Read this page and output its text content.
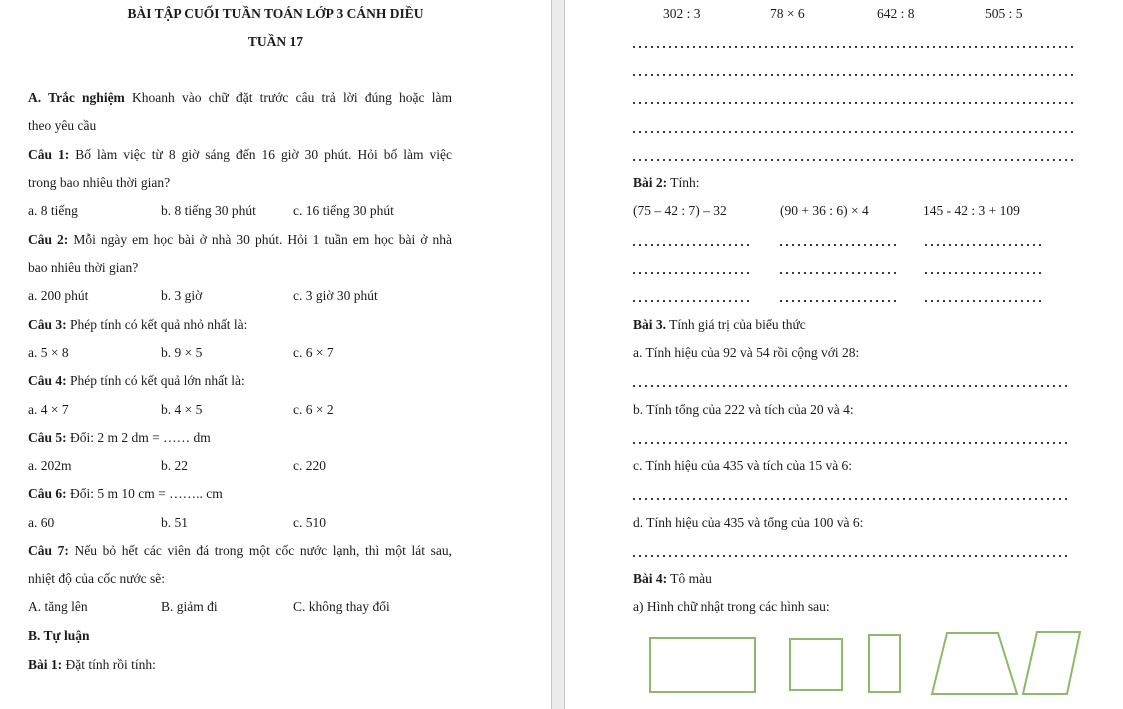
BÀI TẬP CUỐI TUẦN TOÁN LỚP 3 CÁNH DIỀU
TUẦN 17
A. Trắc nghiệm Khoanh vào chữ đặt trước câu trả lời đúng hoặc làm
theo yêu cầu
Câu 1: Bố làm việc từ 8 giờ sáng đến 16 giờ 30 phút. Hỏi bố làm việc
trong bao nhiêu thời gian?
a. 8 tiếng	b. 8 tiếng 30 phút	c. 16 tiếng 30 phút
Câu 2: Mỗi ngày em học bài ở nhà 30 phút. Hỏi 1 tuần em học bài ở nhà
bao nhiêu thời gian?
a. 200 phút	b. 3 giờ	c. 3 giờ 30 phút
Câu 3: Phép tính có kết quả nhỏ nhất là:
a. 5 × 8	b. 9 × 5	c. 6 × 7
Câu 4: Phép tính có kết quả lớn nhất là:
a. 4 × 7	b. 4 × 5	c. 6 × 2
Câu 5: Đổi: 2 m 2 dm = …… dm
a. 202m	b. 22	c. 220
Câu 6: Đổi: 5 m 10 cm = …….. cm
a. 60	b. 51	c. 510
Câu 7: Nếu bỏ hết các viên đá trong một cốc nước lạnh, thì một lát sau,
nhiệt độ của cốc nước sẽ:
A. tăng lên	B. giảm đi	C. không thay đổi
B. Tự luận
Bài 1: Đặt tính rồi tính:
302 : 3	78 × 6	642 : 8	505 : 5
Bài 2: Tính:
(75 – 42 : 7) – 32	(90 + 36 : 6) × 4	145 - 42 : 3 + 109
Bài 3. Tính giá trị của biểu thức
a. Tính hiệu của 92 và 54 rồi cộng với 28:
b. Tính tổng của 222 và tích của 20 và 4:
c. Tính hiệu của 435 và tích của 15 và 6:
d. Tính hiệu của 435 và tổng của 100 và 6:
Bài 4: Tô màu
a) Hình chữ nhật trong các hình sau:
